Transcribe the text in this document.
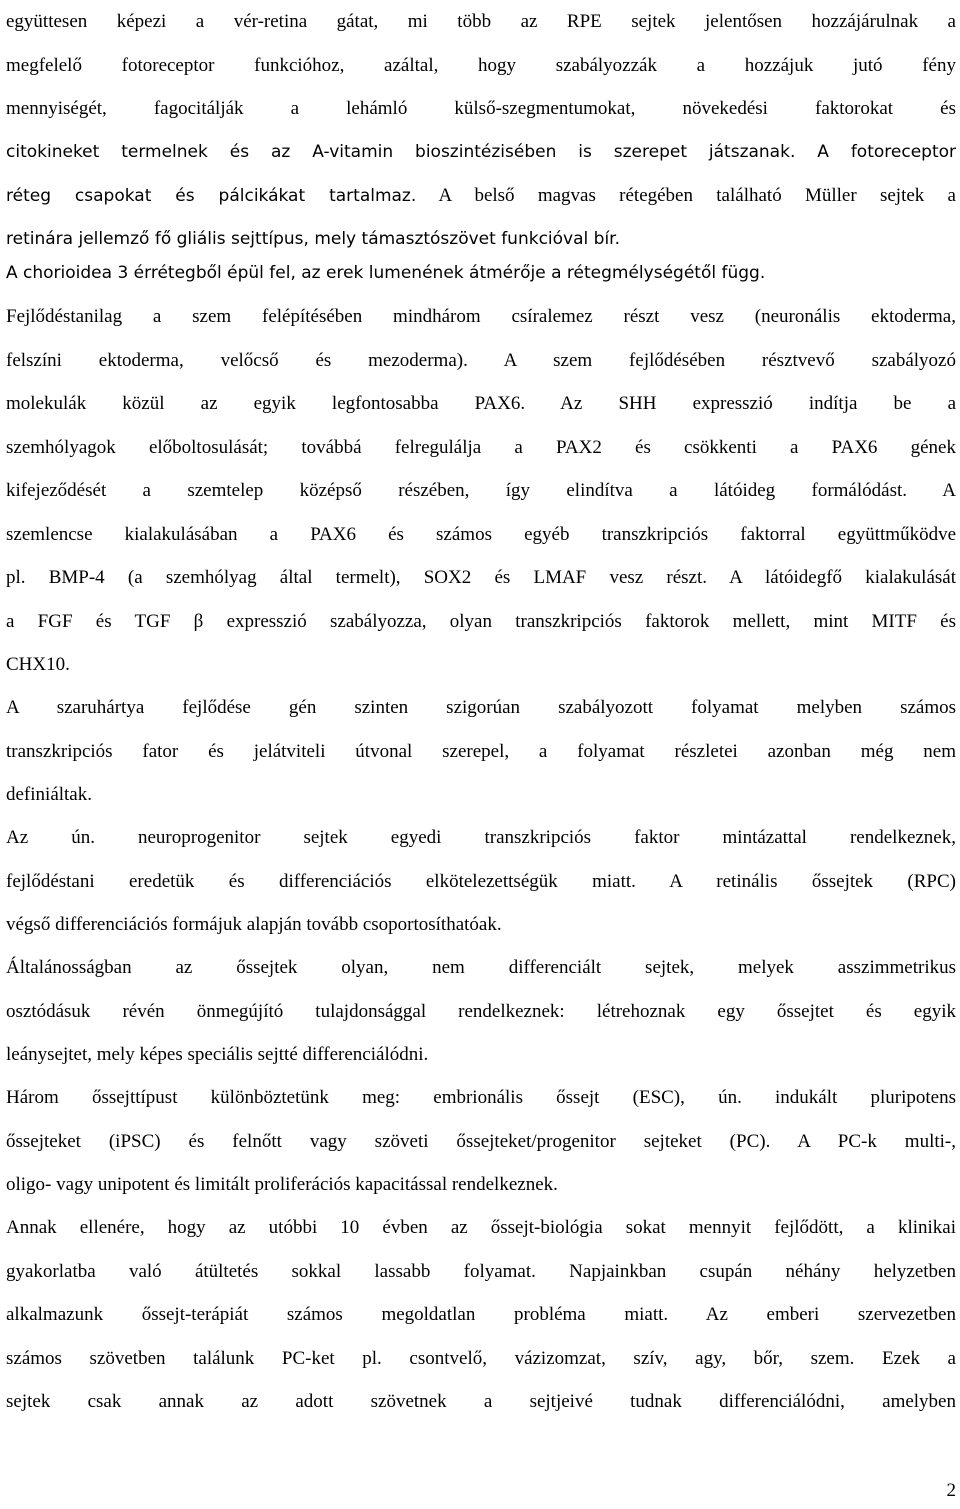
együttesen képezi a vér-retina gátat, mi több az RPE sejtek jelentősen hozzájárulnak a
megfelelő fotoreceptor funkcióhoz, azáltal, hogy szabályozzák a hozzájuk jutó fény
mennyiségét, fagocitálják a lehámló külső-szegmentumokat, növekedési faktorokat és
citokineket termelnek és az A-vitamin bioszintézisében is szerepet játszanak. A fotoreceptor
réteg csapokat és pálcikákat tartalmaz. A belső magvas rétegében található Müller sejtek a
retinára jellemző fő gliális sejttípus, mely támasztószövet funkcióval bír.
A chorioidea 3 érrétegből épül fel, az erek lumenének átmérője a rétegmélységétől függ.
Fejlődéstanilag a szem felépítésében mindhárom csíralemez részt vesz (neuronális ektoderma,
felszíni ektoderma, velőcső és mezoderma). A szem fejlődésében résztvevő szabályozó
molekulák közül az egyik legfontosabba PAX6. Az SHH expresszió indítja be a
szemhólyagok előboltosulását; továbbá felregulálja a PAX2 és csökkenti a PAX6 gének
kifejeződését a szemtelep középső részében, így elindítva a látóideg formálódást. A
szemlencse kialakulásában a PAX6 és számos egyéb transzkripciós faktorral együttműködve
pl. BMP-4 (a szemhólyag által termelt), SOX2 és LMAF vesz részt. A látóidegfő kialakulását
a FGF és TGF β expresszió szabályozza, olyan transzkripciós faktorok mellett, mint MITF és
CHX10.
A szaruhártya fejlődése gén szinten szigorúan szabályozott folyamat melyben számos
transzkripciós fator és jelátviteli útvonal szerepel, a folyamat részletei azonban még nem
definiáltak.
Az ún. neuroprogenitor sejtek egyedi transzkripciós faktor mintázattal rendelkeznek,
fejlődéstani eredetük és differenciációs elkötelezettségük miatt. A retinális őssejtek (RPC)
végső differenciációs formájuk alapján tovább csoportosíthatóak.
Általánosságban az őssejtek olyan, nem differenciált sejtek, melyek asszimmetrikus
osztódásuk révén önmegújító tulajdonsággal rendelkeznek: létrehoznak egy őssejtet és egyik
leánysejtet, mely képes speciális sejtté differenciálódni.
Három őssejttípust különböztetünk meg: embrionális őssejt (ESC), ún. indukált pluripotens
őssejteket (iPSC) és felnőtt vagy szöveti őssejteket/progenitor sejteket (PC). A PC-k multi-,
oligo- vagy unipotent és limitált proliferációs kapacitással rendelkeznek.
Annak ellenére, hogy az utóbbi 10 évben az őssejt-biológia sokat mennyit fejlődött, a klinikai
gyakorlatba való átültetés sokkal lassabb folyamat. Napjainkban csupán néhány helyzetben
alkalmazunk őssejt-terápiát számos megoldatlan probléma miatt. Az emberi szervezetben
számos szövetben találunk PC-ket pl. csontvelő, vázizomzat, szív, agy, bőr, szem. Ezek a
sejtek csak annak az adott szövetnek a sejtjeivé tudnak differenciálódni, amelyben
2
